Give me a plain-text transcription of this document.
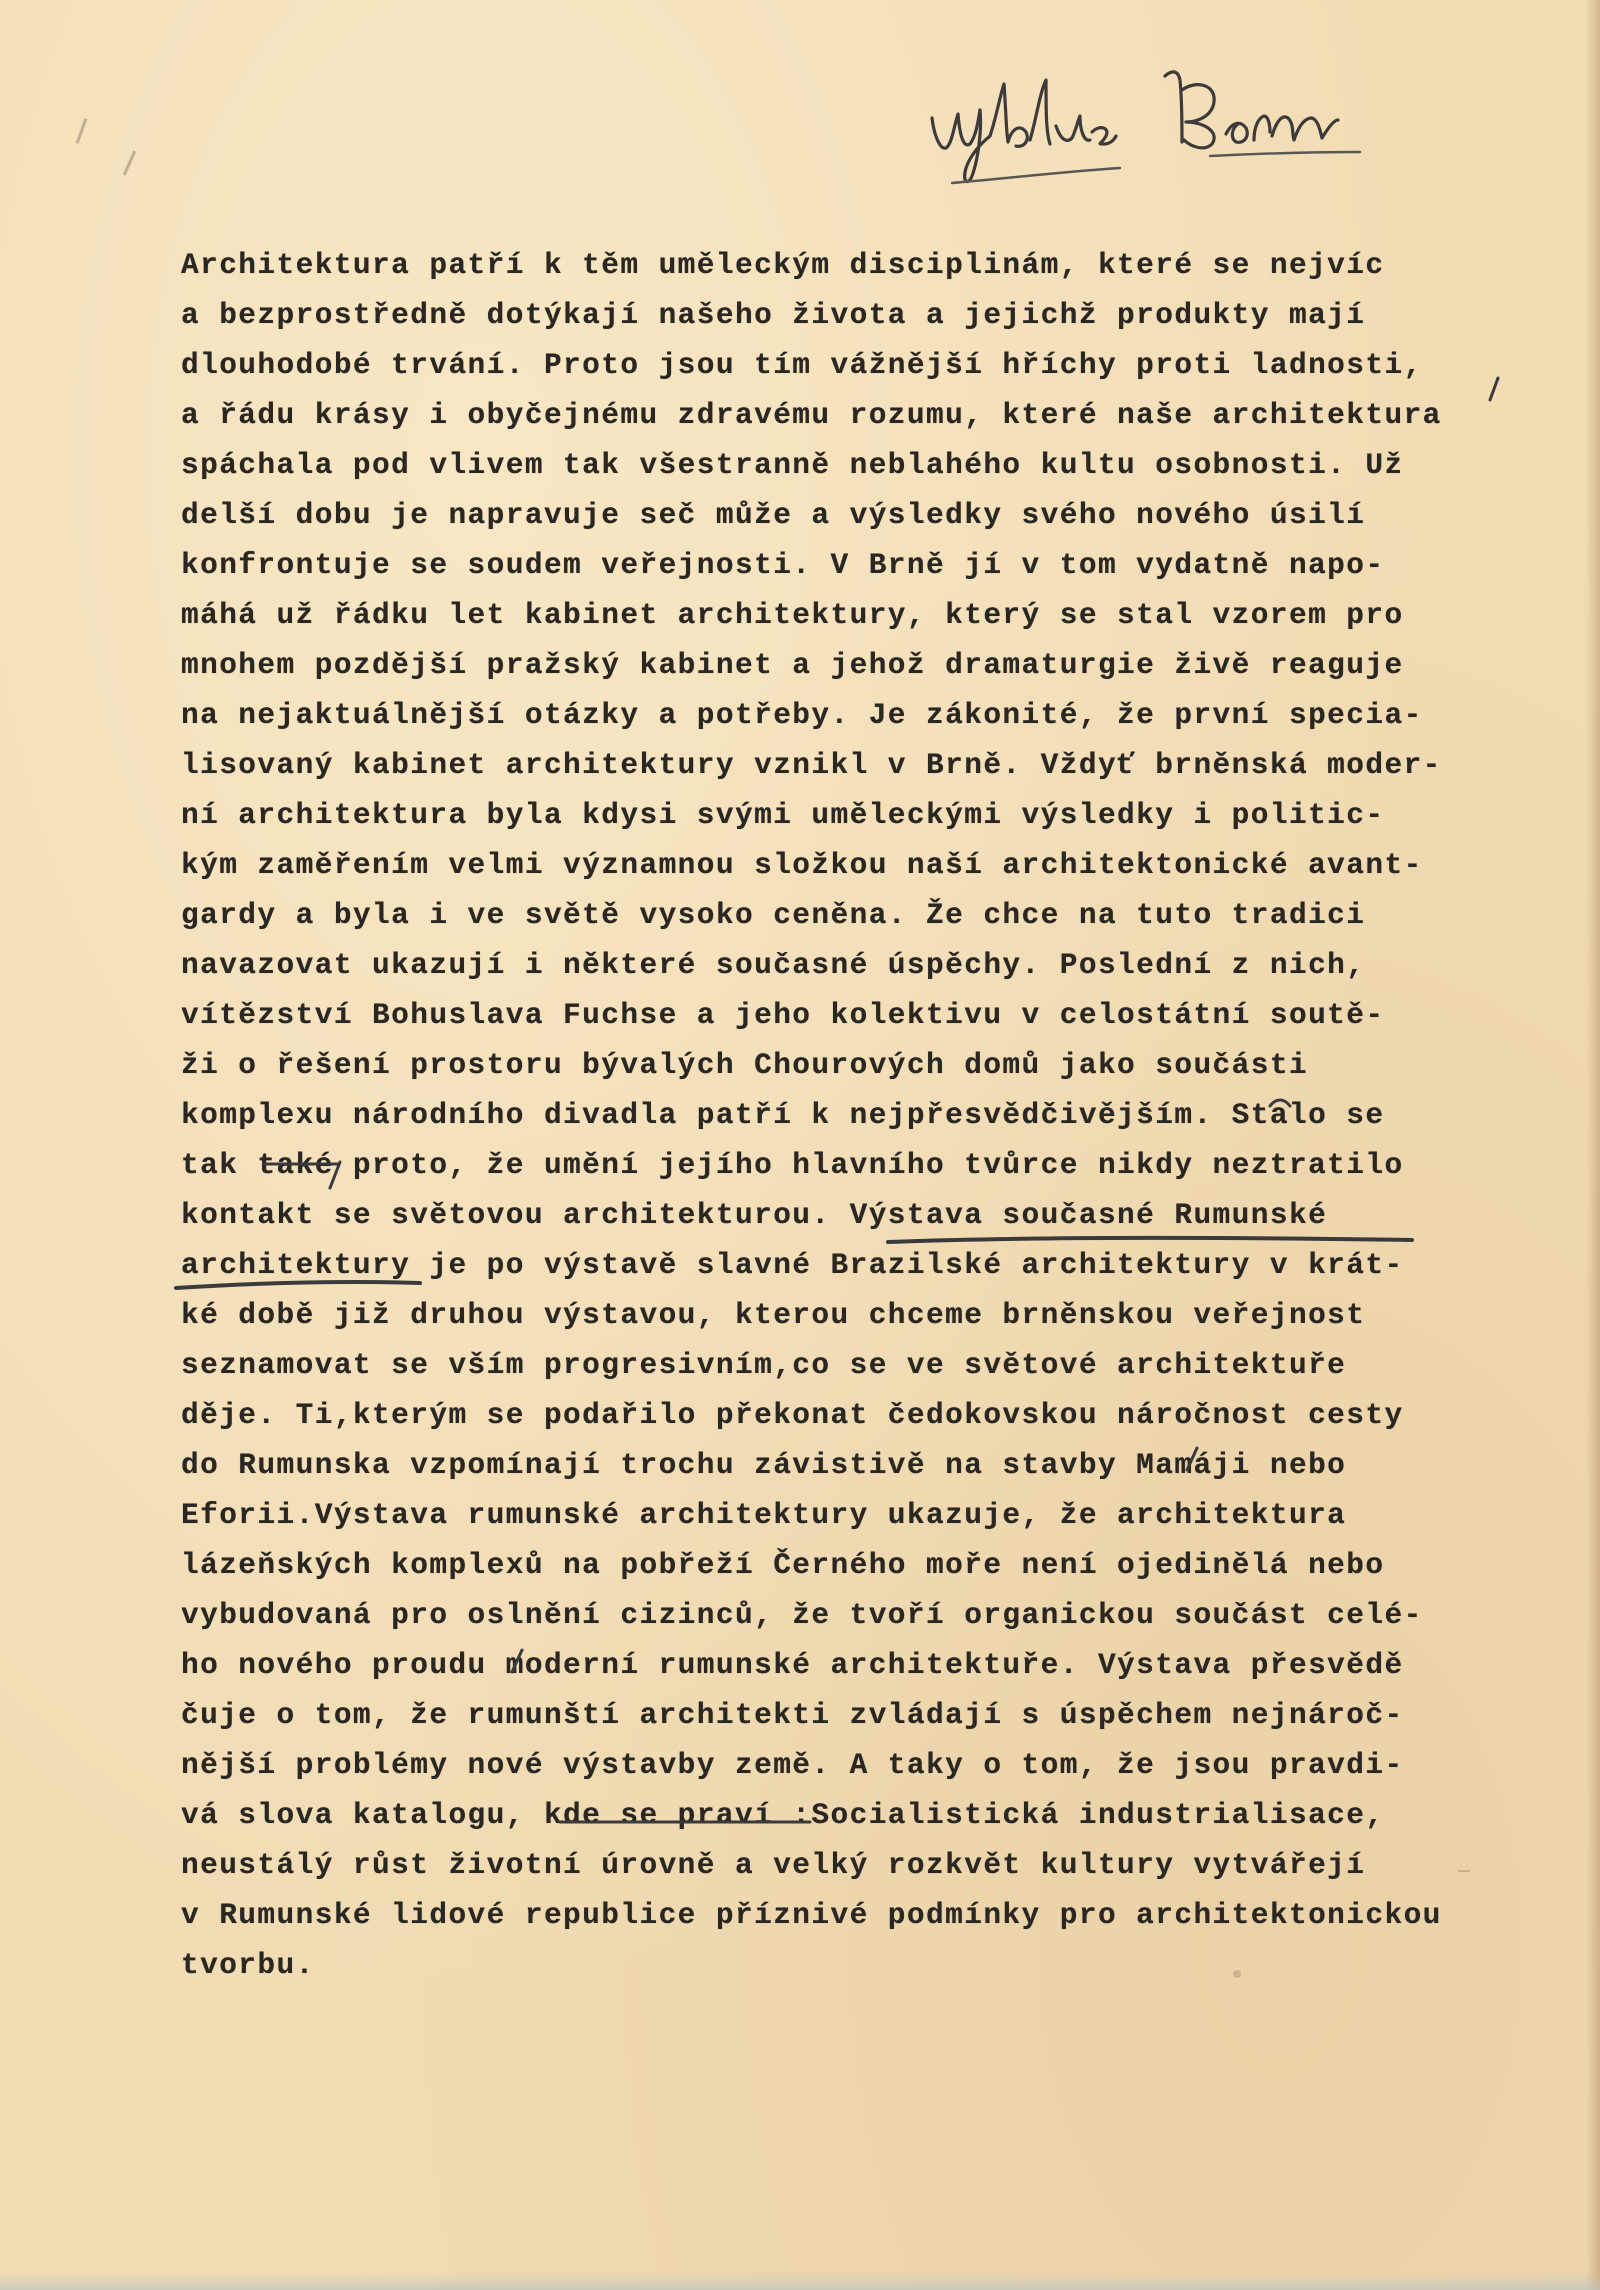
Architektura patří k těm uměleckým disciplinám, které se nejvíc
a bezprostředně dotýkají našeho života a jejichž produkty mají
dlouhodobé trvání. Proto jsou tím vážnější hříchy proti ladnosti,
a řádu krásy i obyčejnému zdravému rozumu, které naše architektura
spáchala pod vlivem tak všestranně neblahého kultu osobnosti. Už
delší dobu je napravuje seč může a výsledky svého nového úsilí
konfrontuje se soudem veřejnosti. V Brně jí v tom vydatně napo-
máhá už řádku let kabinet architektury, který se stal vzorem pro
mnohem pozdější pražský kabinet a jehož dramaturgie živě reaguje
na nejaktuálnější otázky a potřeby. Je zákonité, že první specia-
lisovaný kabinet architektury vznikl v Brně. Vždyť brněnská moder-
ní architektura byla kdysi svými uměleckými výsledky i politic-
kým zaměřením velmi významnou složkou naší architektonické avant-
gardy a byla i ve světě vysoko ceněna. Že chce na tuto tradici
navazovat ukazují i některé současné úspěchy. Poslední z nich,
vítězství Bohuslava Fuchse a jeho kolektivu v celostátní soutě-
ži o řešení prostoru bývalých Chourových domů jako součásti
komplexu národního divadla patří k nejpřesvědčivějším. Stalo se
tak také proto, že umění jejího hlavního tvůrce nikdy neztratilo
kontakt se světovou architekturou. Výstava současné Rumunské
architektury je po výstavě slavné Brazilské architektury v krát-
ké době již druhou výstavou, kterou chceme brněnskou veřejnost
seznamovat se vším progresivním,co se ve světové architektuře
děje. Ti,kterým se podařilo překonat čedokovskou náročnost cesty
do Rumunska vzpomínají trochu závistivě na stavby Mamáji nebo
Eforii.Výstava rumunské architektury ukazuje, že architektura
lázeňských komplexů na pobřeží Černého moře není ojedinělá nebo
vybudovaná pro oslnění cizinců, že tvoří organickou součást celé-
ho nového proudu moderní rumunské architektuře. Výstava přesvědě
čuje o tom, že rumunští architekti zvládají s úspěchem nejnároč-
nější problémy nové výstavby země. A taky o tom, že jsou pravdi-
vá slova katalogu, kde se praví :Socialistická industrialisace,
neustálý růst životní úrovně a velký rozkvět kultury vytvářejí
v Rumunské lidové republice příznivé podmínky pro architektonickou
tvorbu.
